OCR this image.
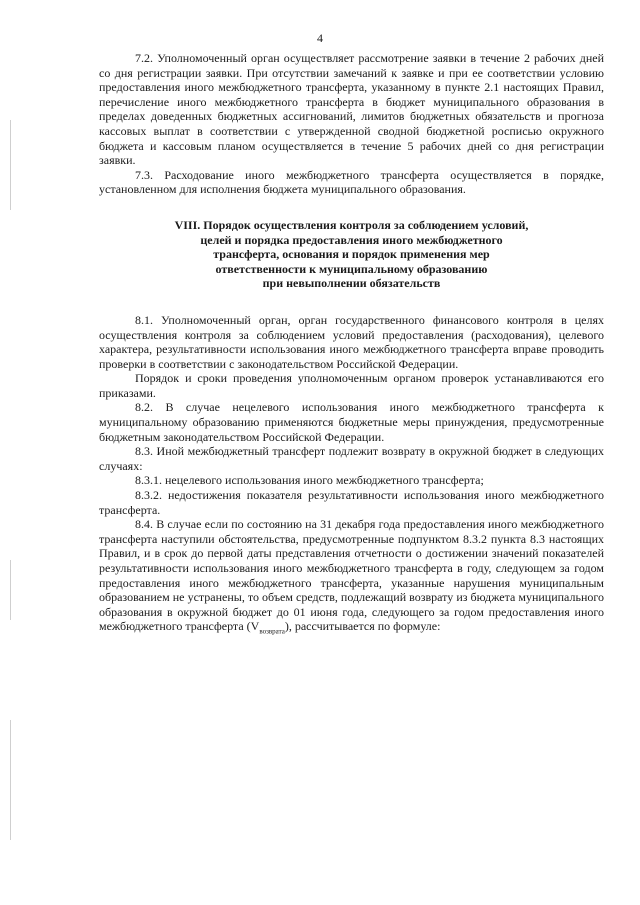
4

7.2. Уполномоченный орган осуществляет рассмотрение заявки в течение 2 рабочих дней со дня регистрации заявки. При отсутствии замечаний к заявке и при ее соответствии условию предоставления иного межбюджетного трансферта, указанному в пункте 2.1 настоящих Правил, перечисление иного межбюджетного трансферта в бюджет муниципального образования в пределах доведенных бюджетных ассигнований, лимитов бюджетных обязательств и прогноза кассовых выплат в соответствии с утвержденной сводной бюджетной росписью окружного бюджета и кассовым планом осуществляется в течение 5 рабочих дней со дня регистрации заявки.

7.3. Расходование иного межбюджетного трансферта осуществляется в порядке, установленном для исполнения бюджета муниципального образования.

VIII. Порядок осуществления контроля за соблюдением условий,
целей и порядка предоставления иного межбюджетного
трансферта, основания и порядок применения мер
ответственности к муниципальному образованию
при невыполнении обязательств

8.1. Уполномоченный орган, орган государственного финансового контроля в целях осуществления контроля за соблюдением условий предоставления (расходования), целевого характера, результативности использования иного межбюджетного трансферта вправе проводить проверки в соответствии с законодательством Российской Федерации.

Порядок и сроки проведения уполномоченным органом проверок устанавливаются его приказами.

8.2. В случае нецелевого использования иного межбюджетного трансферта к муниципальному образованию применяются бюджетные меры принуждения, предусмотренные бюджетным законодательством Российской Федерации.

8.3. Иной межбюджетный трансферт подлежит возврату в окружной бюджет в следующих случаях:

8.3.1. нецелевого использования иного межбюджетного трансферта;

8.3.2. недостижения показателя результативности использования иного межбюджетного трансферта.

8.4. В случае если по состоянию на 31 декабря года предоставления иного межбюджетного трансферта наступили обстоятельства, предусмотренные подпунктом 8.3.2 пункта 8.3 настоящих Правил, и в срок до первой даты представления отчетности о достижении значений показателей результативности использования иного межбюджетного трансферта в году, следующем за годом предоставления иного межбюджетного трансферта, указанные нарушения муниципальным образованием не устранены, то объем средств, подлежащий возврату из бюджета муниципального образования в окружной бюджет до 01 июня года, следующего за годом предоставления иного межбюджетного трансферта $(V_{возврата})$, рассчитывается по формуле:
